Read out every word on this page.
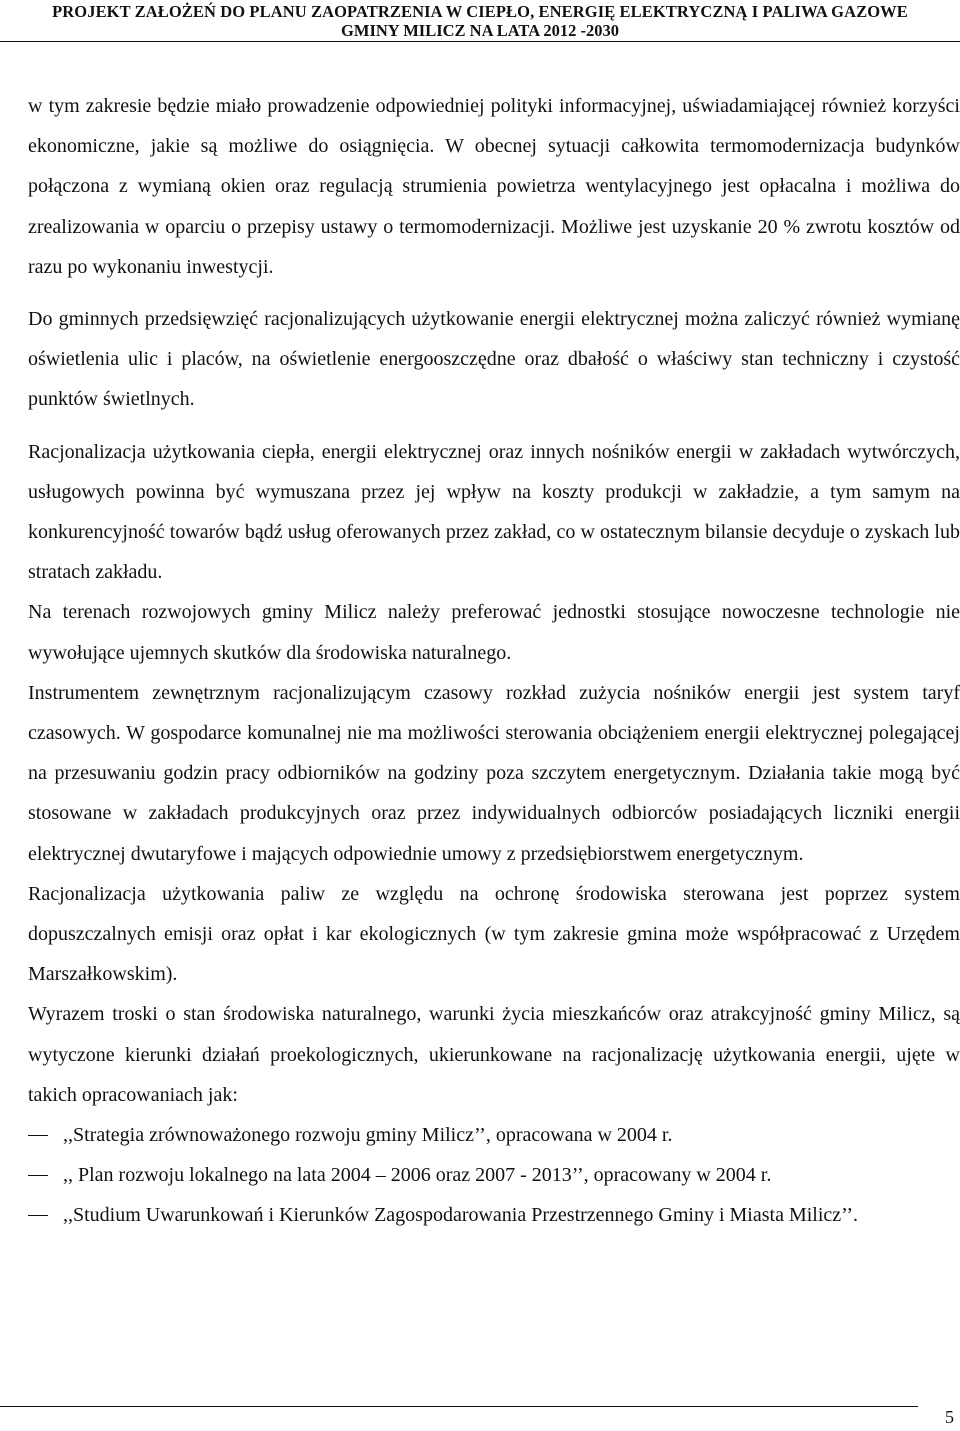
PROJEKT ZAŁOŻEŃ DO PLANU ZAOPATRZENIA W CIEPŁO, ENERGIĘ ELEKTRYCZNĄ I PALIWA GAZOWE
GMINY MILICZ NA LATA 2012 -2030

w tym zakresie będzie miało prowadzenie odpowiedniej polityki informacyjnej, uświadamiającej również korzyści ekonomiczne, jakie są możliwe do osiągnięcia. W obecnej sytuacji całkowita termomodernizacja budynków połączona z wymianą okien oraz regulacją strumienia powietrza wentylacyjnego jest opłacalna i możliwa do zrealizowania w oparciu o przepisy ustawy o termomodernizacji. Możliwe jest uzyskanie 20 % zwrotu kosztów od razu po wykonaniu inwestycji.

Do gminnych przedsięwzięć racjonalizujących użytkowanie energii elektrycznej można zaliczyć również wymianę oświetlenia ulic i placów, na oświetlenie energooszczędne oraz dbałość o właściwy stan techniczny i czystość punktów świetlnych.

Racjonalizacja użytkowania ciepła, energii elektrycznej oraz innych nośników energii w zakładach wytwórczych, usługowych powinna być wymuszana przez jej wpływ na koszty produkcji w zakładzie, a tym samym na konkurencyjność towarów bądź usług oferowanych przez zakład, co w ostatecznym bilansie decyduje o zyskach lub stratach zakładu.

Na terenach rozwojowych gminy Milicz należy preferować jednostki stosujące nowoczesne technologie nie wywołujące ujemnych skutków dla środowiska naturalnego.

Instrumentem zewnętrznym racjonalizującym czasowy rozkład zużycia nośników energii jest system taryf czasowych. W gospodarce komunalnej nie ma możliwości sterowania obciążeniem energii elektrycznej polegającej na przesuwaniu godzin pracy odbiorników na godziny poza szczytem energetycznym. Działania takie mogą być stosowane w zakładach produkcyjnych oraz przez indywidualnych odbiorców posiadających liczniki energii elektrycznej dwutaryfowe i mających odpowiednie umowy z przedsiębiorstwem energetycznym.

Racjonalizacja użytkowania paliw ze względu na ochronę środowiska sterowana jest poprzez system dopuszczalnych emisji oraz opłat i kar ekologicznych (w tym zakresie gmina może współpracować z Urzędem Marszałkowskim).

Wyrazem troski o stan środowiska naturalnego, warunki życia mieszkańców oraz atrakcyjność gminy Milicz, są wytyczone kierunki działań proekologicznych, ukierunkowane na racjonalizację użytkowania energii, ujęte w takich opracowaniach jak:

,,Strategia zrównoważonego rozwoju gminy Milicz’’, opracowana w 2004 r.
,, Plan rozwoju lokalnego na lata 2004 – 2006 oraz 2007 - 2013’’, opracowany w 2004 r.
,,Studium Uwarunkowań i Kierunków Zagospodarowania Przestrzennego Gminy i Miasta Milicz’’.
5
